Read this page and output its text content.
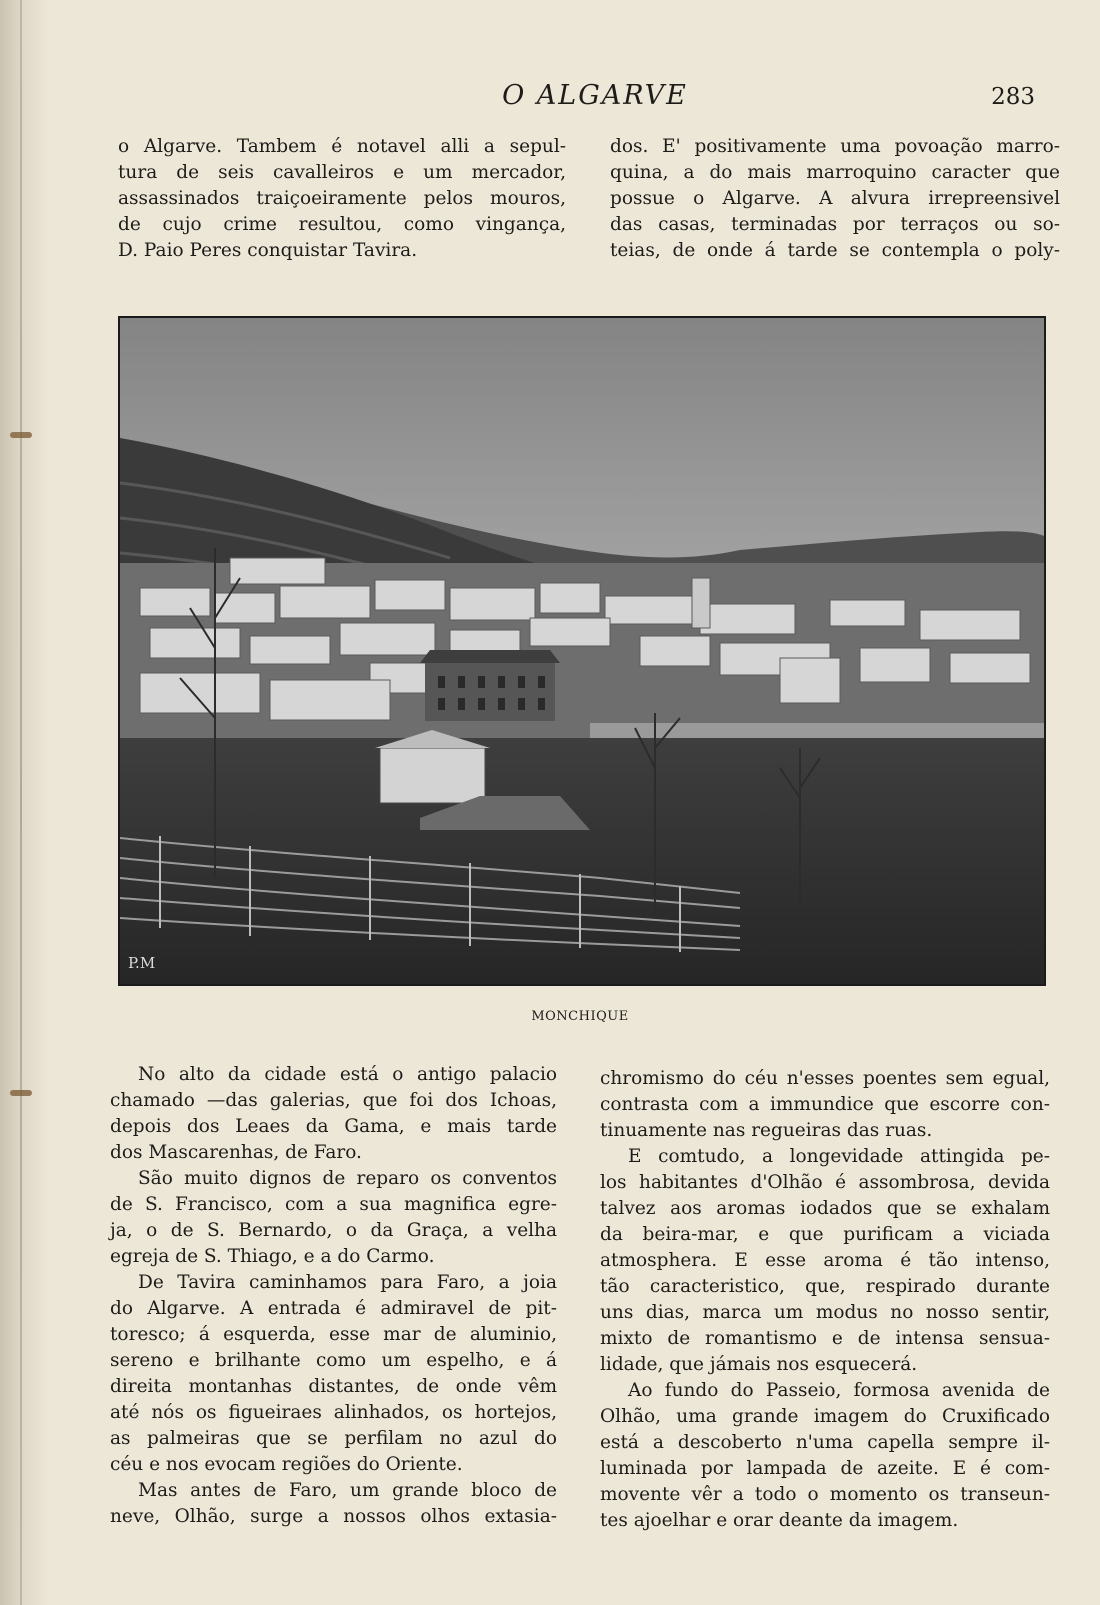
O ALGARVE	283

o Algarve. Tambem é notavel alli a sepul-
tura de seis cavalleiros e um mercador,
assassinados traiçoeiramente pelos mouros,
de cujo crime resultou, como vingança,
D. Paio Peres conquistar Tavira.

dos. E' positivamente uma povoação marro-
quina, a do mais marroquino caracter que
possue o Algarve. A alvura irrepreensivel
das casas, terminadas por terraços ou so-
teias, de onde á tarde se contempla o poly-

P.M
MONCHIQUE

No alto da cidade está o antigo palacio
chamado —das galerias, que foi dos Ichoas,
depois dos Leaes da Gama, e mais tarde
dos Mascarenhas, de Faro.

São muito dignos de reparo os conventos
de S. Francisco, com a sua magnifica egre-
ja, o de S. Bernardo, o da Graça, a velha
egreja de S. Thiago, e a do Carmo.

De Tavira caminhamos para Faro, a joia
do Algarve. A entrada é admiravel de pit-
toresco; á esquerda, esse mar de aluminio,
sereno e brilhante como um espelho, e á
direita montanhas distantes, de onde vêm
até nós os figueiraes alinhados, os hortejos,
as palmeiras que se perfilam no azul do
céu e nos evocam regiões do Oriente.

Mas antes de Faro, um grande bloco de
neve, Olhão, surge a nossos olhos extasia-

chromismo do céu n'esses poentes sem egual,
contrasta com a immundice que escorre con-
tinuamente nas regueiras das ruas.

E comtudo, a longevidade attingida pe-
los habitantes d'Olhão é assombrosa, devida
talvez aos aromas iodados que se exhalam
da beira-mar, e que purificam a viciada
atmosphera. E esse aroma é tão intenso,
tão caracteristico, que, respirado durante
uns dias, marca um modus no nosso sentir,
mixto de romantismo e de intensa sensua-
lidade, que jámais nos esquecerá.

Ao fundo do Passeio, formosa avenida de
Olhão, uma grande imagem do Cruxificado
está a descoberto n'uma capella sempre il-
luminada por lampada de azeite. E é com-
movente vêr a todo o momento os transeun-
tes ajoelhar e orar deante da imagem.
